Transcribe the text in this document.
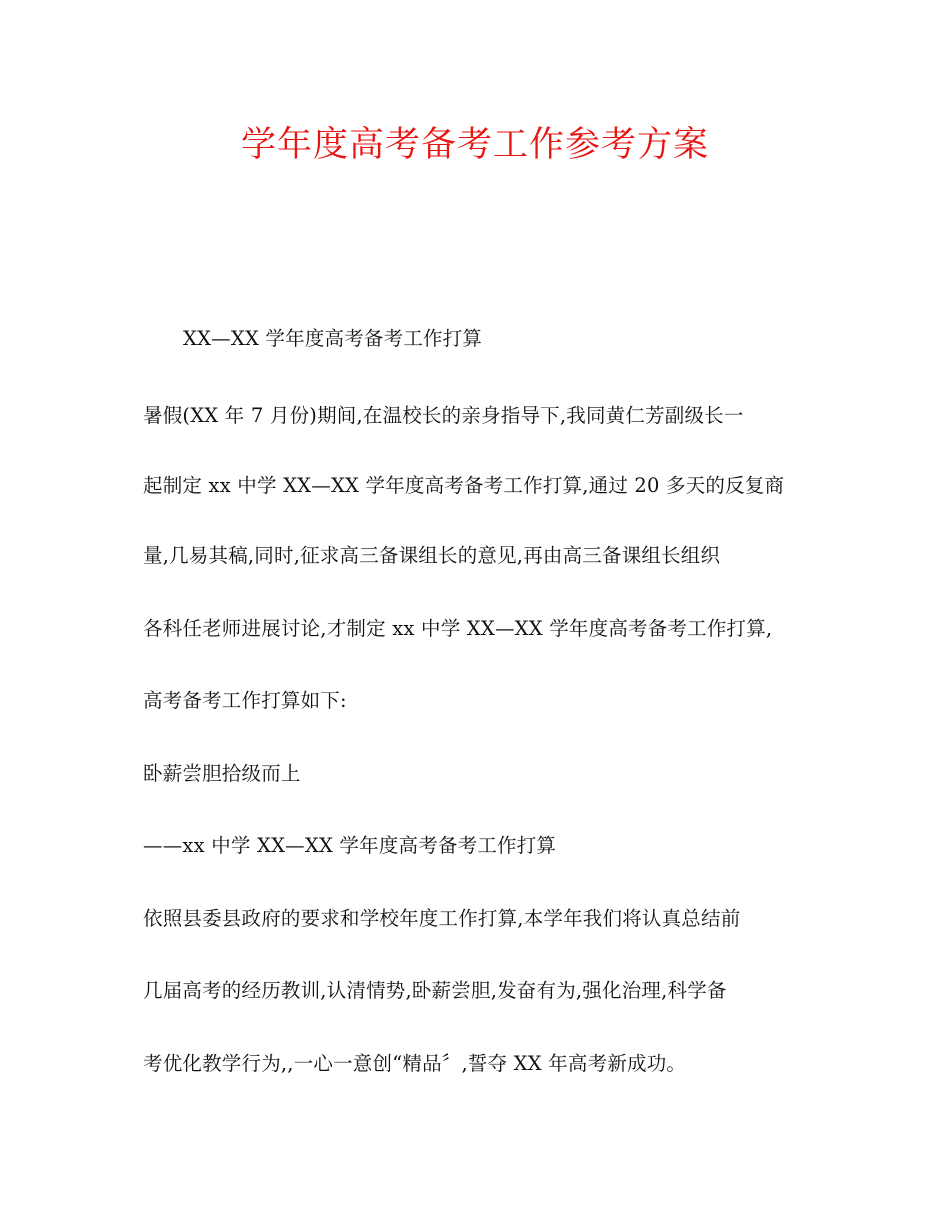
学年度高考备考工作参考方案

XX—XX 学年度高考备考工作打算

暑假(XX 年 7 月份)期间,在温校长的亲身指导下,我同黄仁芳副级长一

起制定 xx 中学 XX—XX 学年度高考备考工作打算,通过 20 多天的反复商

量,几易其稿,同时,征求高三备课组长的意见,再由高三备课组长组织

各科任老师进展讨论,才制定 xx 中学 XX—XX 学年度高考备考工作打算,

高考备考工作打算如下:

卧薪尝胆拾级而上

——xx 中学 XX—XX 学年度高考备考工作打算

依照县委县政府的要求和学校年度工作打算,本学年我们将认真总结前

几届高考的经历教训,认清情势,卧薪尝胆,发奋有为,强化治理,科学备

考优化教学行为,,一心一意创“精品〞,誓夺 XX 年高考新成功。
